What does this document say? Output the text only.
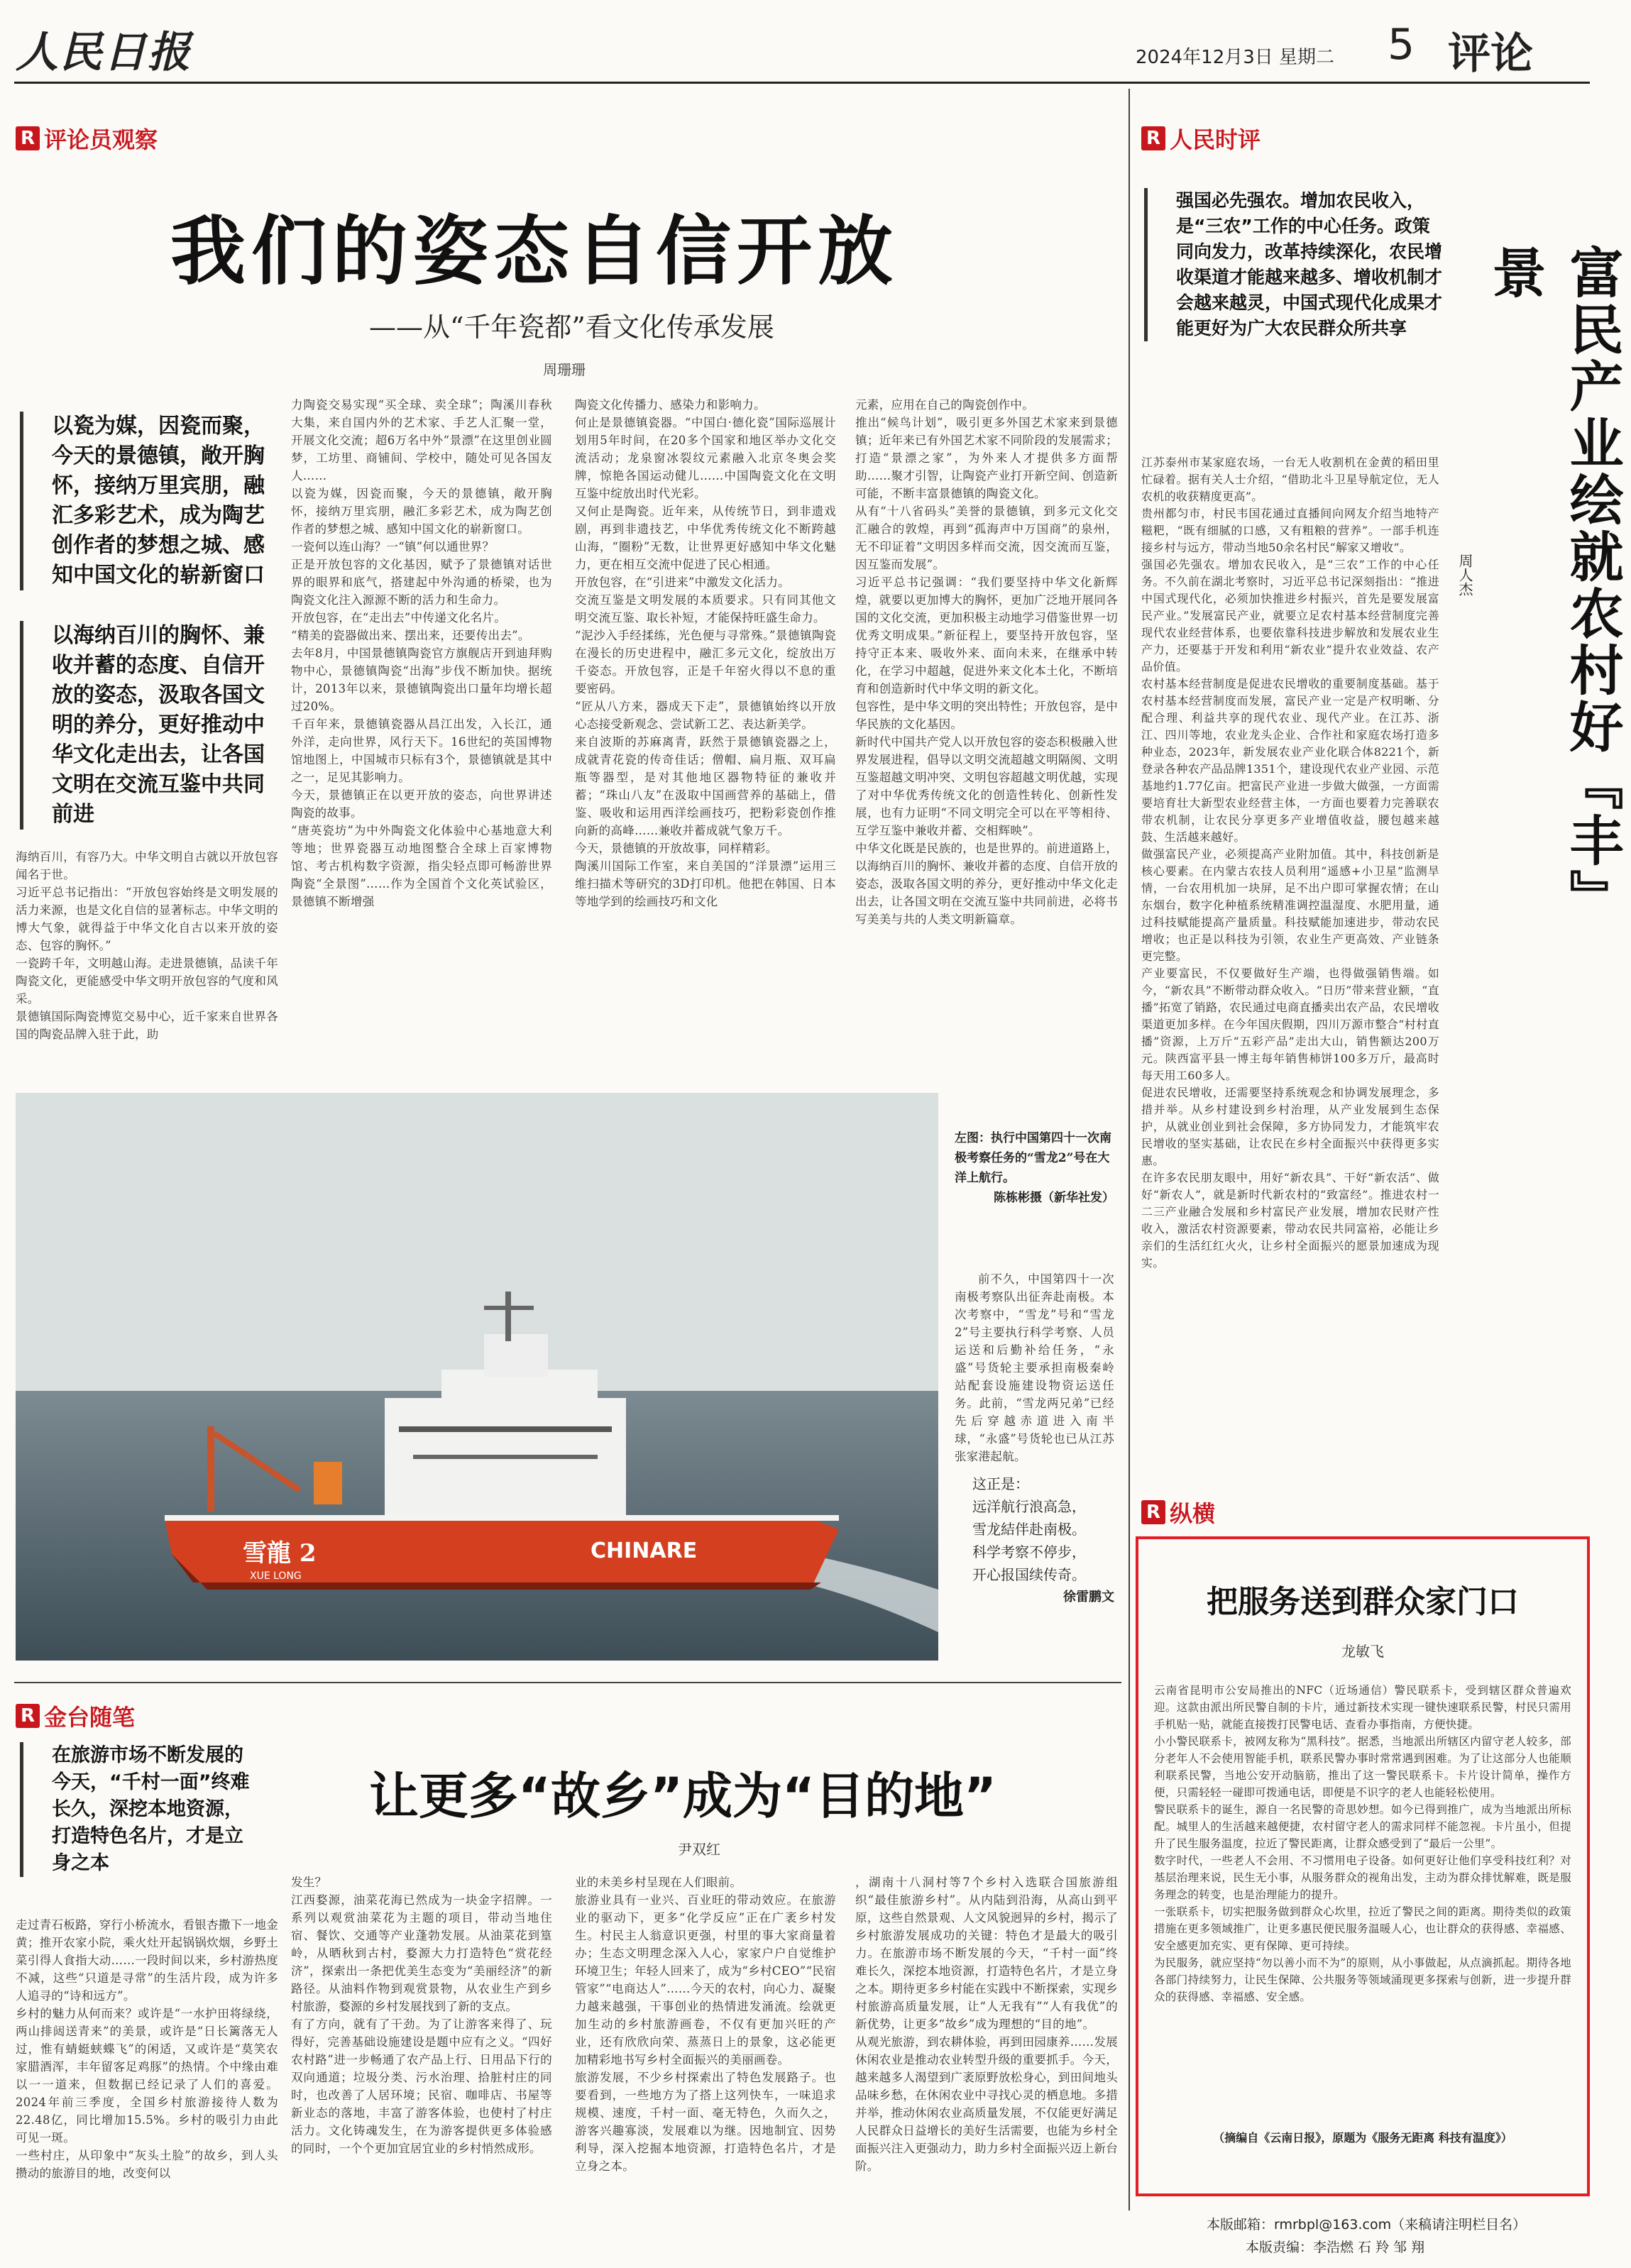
人民日报	2024年12月3日 星期二 5 评论
R 评论员观察
我们的姿态自信开放
——从“千年瓷都”看文化传承发展
周珊珊
以瓷为媒，因瓷而聚，今天的景德镇，敞开胸怀，接纳万里宾朋，融汇多彩艺术，成为陶艺创作者的梦想之城、感知中国文化的崭新窗口
以海纳百川的胸怀、兼收并蓄的态度、自信开放的姿态，汲取各国文明的养分，更好推动中华文化走出去，让各国文明在交流互鉴中共同前进
海纳百川，有容乃大。中华文明自古就以开放包容闻名于世。
习近平总书记指出：“开放包容始终是文明发展的活力来源，也是文化自信的显著标志。中华文明的博大气象，就得益于中华文化自古以来开放的姿态、包容的胸怀。”
一瓷跨千年，文明越山海。走进景德镇，品读千年陶瓷文化，更能感受中华文明开放包容的气度和风采。
景德镇国际陶瓷博览交易中心，近千家来自世界各国的陶瓷品牌入驻于此，助
力陶瓷交易实现“买全球、卖全球”；陶溪川春秋大集，来自国内外的艺术家、手艺人汇聚一堂，开展文化交流；超6万名中外“景漂”在这里创业圆梦，工坊里、商铺间、学校中，随处可见各国友人……
以瓷为媒，因瓷而聚，今天的景德镇，敞开胸怀，接纳万里宾朋，融汇多彩艺术，成为陶艺创作者的梦想之城、感知中国文化的崭新窗口。
一瓷何以连山海？一“镇”何以通世界？
正是开放包容的文化基因，赋予了景德镇对话世界的眼界和底气，搭建起中外沟通的桥梁，也为陶瓷文化注入源源不断的活力和生命力。
开放包容，在“走出去”中传递文化名片。
“精美的瓷器做出来、摆出来，还要传出去”。
去年8月，中国景德镇陶瓷官方旗舰店开到迪拜购物中心，景德镇陶瓷“出海”步伐不断加快。据统计，2013年以来，景德镇陶瓷出口量年均增长超过20%。
千百年来，景德镇瓷器从昌江出发，入长江，通外洋，走向世界，风行天下。16世纪的英国博物馆地图上，中国城市只标有3个，景德镇就是其中之一，足见其影响力。
今天，景德镇正在以更开放的姿态，向世界讲述陶瓷的故事。
“唐英瓷坊”为中外陶瓷文化体验中心基地意大利等地；世界瓷器互动地图整合全球上百家博物馆、考古机构数字资源，指尖轻点即可畅游世界陶瓷“全景图”……作为全国首个文化英试验区，景德镇不断增强
陶瓷文化传播力、感染力和影响力。
何止是景德镇瓷器。“中国白·德化瓷”国际巡展计划用5年时间，在20多个国家和地区举办文化交流活动；龙泉窗冰裂纹元素融入北京冬奥会奖牌，惊艳各国运动健儿……中国陶瓷文化在文明互鉴中绽放出时代光彩。
又何止是陶瓷。近年来，从传统节日，到非遗戏剧，再到非遗技艺，中华优秀传统文化不断跨越山海，“圈粉”无数，让世界更好感知中华文化魅力，更在相互交流中促进了民心相通。
开放包容，在“引进来”中激发文化活力。
交流互鉴是文明发展的本质要求。只有同其他文明交流互鉴、取长补短，才能保持旺盛生命力。
“泥沙入手经揉练，光色便与寻常殊。”景德镇陶瓷在漫长的历史进程中，融汇多元文化，绽放出万千姿态。开放包容，正是千年窑火得以不息的重要密码。
“匠从八方来，器成天下走”，景德镇始终以开放心态接受新观念、尝试新工艺、表达新美学。
来自波斯的苏麻离青，跃然于景德镇瓷器之上，成就青花瓷的传奇佳话；僧帽、扁月瓶、双耳扁瓶等器型，是对其他地区器物特征的兼收并蓄；“珠山八友”在汲取中国画营养的基础上，借鉴、吸收和运用西洋绘画技巧，把粉彩瓷创作推向新的高峰……兼收并蓄成就气象万千。
今天，景德镇的开放故事，同样精彩。
陶溪川国际工作室，来自美国的“洋景漂”运用三维扫描术等研究的3D打印机。他把在韩国、日本等地学到的绘画技巧和文化
元素，应用在自己的陶瓷创作中。
推出“候鸟计划”，吸引更多外国艺术家来到景德镇；近年来已有外国艺术家不同阶段的发展需求；打造“景漂之家”，为外来人才提供多方面帮助……聚才引智，让陶瓷产业打开新空间、创造新可能，不断丰富景德镇的陶瓷文化。
从有“十八省码头”美誉的景德镇，到多元文化交汇融合的敦煌，再到“孤海声中万国商”的泉州，无不印证着“文明因多样而交流，因交流而互鉴，因互鉴而发展”。
习近平总书记强调：“我们要坚持中华文化新辉煌，就要以更加博大的胸怀，更加广泛地开展同各国的文化交流，更加积极主动地学习借鉴世界一切优秀文明成果。”新征程上，要坚持开放包容，坚持守正本来、吸收外来、面向未来，在继承中转化，在学习中超越，促进外来文化本土化，不断培育和创造新时代中华文明的新文化。
包容性，是中华文明的突出特性；开放包容，是中华民族的文化基因。
新时代中国共产党人以开放包容的姿态积极融入世界发展进程，倡导以文明交流超越文明隔阂、文明互鉴超越文明冲突、文明包容超越文明优越，实现了对中华优秀传统文化的创造性转化、创新性发展，也有力证明“不同文明完全可以在平等相待、互学互鉴中兼收并蓄、交相辉映”。
中华文化既是民族的，也是世界的。前进道路上，以海纳百川的胸怀、兼收并蓄的态度、自信开放的姿态，汲取各国文明的养分，更好推动中华文化走出去，让各国文明在交流互鉴中共同前进，必将书写美美与共的人类文明新篇章。
雪龍 2
XUE LONG
CHINARE
左图：执行中国第四十一次南极考察任务的“雪龙2”号在大洋上航行。
陈栋彬摄（新华社发）

前不久，中国第四十一次南极考察队出征奔赴南极。本次考察中，“雪龙”号和“雪龙2”号主要执行科学考察、人员运送和后勤补给任务，“永盛”号货轮主要承担南极秦岭站配套设施建设物资运送任务。此前，“雪龙两兄弟”已经先后穿越赤道进入南半球，“永盛”号货轮也已从江苏张家港起航。

这正是：
远洋航行浪高急，
雪龙結伴赴南极。
科学考察不停步，
开心报国续传奇。
徐雷鹏文
R 金台随笔
在旅游市场不断发展的今天，“千村一面”终难长久，深挖本地资源，打造特色名片，才是立身之本
让更多“故乡”成为“目的地”
尹双红
走过青石板路，穿行小桥流水，看银杏撒下一地金黄；推开农家小院，乘火灶开起锅锅炊烟，乡野土菜引得人食指大动……一段时间以来，乡村游热度不减，这些“只道是寻常”的生活片段，成为许多人追寻的“诗和远方”。
乡村的魅力从何而来？或许是“一水护田将绿绕，两山排闼送青来”的美景，或许是“日长篱落无人过，惟有蜻蜓蛱蝶飞”的闲适，又或许是“莫笑农家腊酒浑，丰年留客足鸡豚”的热情。个中缘由难以一一道来，但数据已经记录了人们的喜爱。2024年前三季度，全国乡村旅游接待人数为22.48亿，同比增加15.5%。乡村的吸引力由此可见一斑。
一些村庄，从印象中“灰头土脸”的故乡，到人头攒动的旅游目的地，改变何以
发生？
江西婺源，油菜花海已然成为一块金字招牌。一系列以观赏油菜花为主题的项目，带动当地住宿、餐饮、交通等产业蓬勃发展。从油菜花到篁岭，从晒秋到古村，婺源大力打造特色“赏花经济”，探索出一条把优美生态变为“美丽经济”的新路径。从油料作物到观赏景物，从农业生产到乡村旅游，婺源的乡村发展找到了新的支点。
有了方向，就有了干劲。为了让游客来得了、玩得好，完善基础设施建设是题中应有之义。“四好农村路”进一步畅通了农产品上行、日用品下行的双向通道；垃圾分类、污水治理、拾脏村庄的同时，也改善了人居环境；民宿、咖啡店、书屋等新业态的落地，丰富了游客体验，也使村了村庄活力。文化铸魂发生，在为游客提供更多体验感的同时，一个个更加宜居宜业的乡村悄然成形。
业的未美乡村呈现在人们眼前。
旅游业具有一业兴、百业旺的带动效应。在旅游业的驱动下，更多“化学反应”正在广袤乡村发生。村民主人翁意识更强，村里的事大家商量着办；生态文明理念深入人心，家家户户自觉维护环境卫生；年轻人回来了，成为“乡村CEO”“民宿管家”“电商达人”……今天的农村，向心力、凝聚力越来越强，干事创业的热情进发涌流。绘就更加生动的乡村旅游画卷，不仅有更加兴旺的产业，还有欣欣向荣、蒸蒸日上的景象，这必能更加精彩地书写乡村全面振兴的美丽画卷。
旅游发展，不少乡村探索出了特色发展路子。也要看到，一些地方为了搭上这列快车，一味追求规模、速度，千村一面、毫无特色，久而久之，游客兴趣寡淡，发展难以为继。因地制宜、因势利导，深入挖掘本地资源，打造特色名片，才是立身之本。
，湖南十八洞村等7个乡村入选联合国旅游组织“最佳旅游乡村”。从内陆到沿海，从高山到平原，这些自然景观、人文风貌迥异的乡村，揭示了乡村旅游发展成功的关键：特色才是最大的吸引力。在旅游市场不断发展的今天，“千村一面”终难长久，深挖本地资源，打造特色名片，才是立身之本。期待更多乡村能在实践中不断探索，实现乡村旅游高质量发展，让“人无我有”“人有我优”的新优势，让更多“故乡”成为理想的“目的地”。
从观光旅游，到农耕体验，再到田园康养……发展休闲农业是推动农业转型升级的重要抓手。今天，越来越多人渴望到广袤原野放松身心，到田间地头品味乡愁，在休闲农业中寻找心灵的栖息地。多措并举，推动休闲农业高质量发展，不仅能更好满足人民群众日益增长的美好生活需要，也能为乡村全面振兴注入更强动力，助力乡村全面振兴迈上新台阶。
R 人民时评
强国必先强农。增加农民收入，是“三农”工作的中心任务。政策同向发力，改革持续深化，农民增收渠道才能越来越多、增收机制才会越来越灵，中国式现代化成果才能更好为广大农民群众所共享	富民产业绘就农村好『丰』景
周人杰
江苏泰州市某家庭农场，一台无人收割机在金黄的稻田里忙碌着。据有关人士介绍，“借助北斗卫星导航定位，无人农机的收获精度更高”。
贵州都匀市，村民韦国花通过直播间向网友介绍当地特产糍粑，“既有细腻的口感，又有粗粮的营养”。一部手机连接乡村与远方，带动当地50余名村民“解家又增收”。
强国必先强农。增加农民收入，是“三农”工作的中心任务。不久前在湖北考察时，习近平总书记深刻指出：“推进中国式现代化，必须加快推进乡村振兴，首先是要发展富民产业。”发展富民产业，就要立足农村基本经营制度完善现代农业经营体系，也要依靠科技进步解放和发展农业生产力，还要基于开发和利用“新农业”提升农业效益、农产品价值。
农村基本经营制度是促进农民增收的重要制度基础。基于农村基本经营制度而发展，富民产业一定是产权明晰、分配合理、利益共享的现代农业、现代产业。在江苏、浙江、四川等地，农业龙头企业、合作社和家庭农场打造多种业态，2023年，新发展农业产业化联合体8221个，新登录各种农产品品牌1351个，建设现代农业产业园、示范基地约1.77亿亩。把富民产业进一步做大做强，一方面需要培育壮大新型农业经营主体，一方面也要着力完善联农带农机制，让农民分享更多产业增值收益，腰包越来越鼓、生活越来越好。
做强富民产业，必须提高产业附加值。其中，科技创新是核心要素。在内蒙古农技人员利用“遥感+小卫星”监测旱情，一台农用机加一块屏，足不出户即可掌握农情；在山东烟台，数字化种植系统精准调控温湿度、水肥用量，通过科技赋能提高产量质量。科技赋能加速进步，带动农民增收；也正是以科技为引领，农业生产更高效、产业链条更完整。
产业要富民，不仅要做好生产端，也得做强销售端。如今，“新农具”不断带动群众收入。“日历”带来营业额，“直播”拓宽了销路，农民通过电商直播卖出农产品，农民增收渠道更加多样。在今年国庆假期，四川万源市整合“村村直播”资源，上万斤“五彩产品”走出大山，销售额达200万元。陕西富平县一博主每年销售柿饼100多万斤，最高时每天用工60多人。
促进农民增收，还需要坚持系统观念和协调发展理念，多措并举。从乡村建设到乡村治理，从产业发展到生态保护，从就业创业到社会保障，多方协同发力，才能筑牢农民增收的坚实基础，让农民在乡村全面振兴中获得更多实惠。
在许多农民朋友眼中，用好“新农具”、干好“新农活”、做好“新农人”，就是新时代新农村的“致富经”。推进农村一二三产业融合发展和乡村富民产业发展，增加农民财产性收入，激活农村资源要素，带动农民共同富裕，必能让乡亲们的生活红红火火，让乡村全面振兴的愿景加速成为现实。
R 纵横
把服务送到群众家门口
龙敏飞
云南省昆明市公安局推出的NFC（近场通信）警民联系卡，受到辖区群众普遍欢迎。这款由派出所民警自制的卡片，通过新技术实现一键快速联系民警，村民只需用手机贴一贴，就能直接拨打民警电话、查看办事指南，方便快捷。
小小警民联系卡，被网友称为“黑科技”。据悉，当地派出所辖区内留守老人较多，部分老年人不会使用智能手机，联系民警办事时常常遇到困难。为了让这部分人也能顺利联系民警，当地公安开动脑筋，推出了这一警民联系卡。卡片设计简单，操作方便，只需轻轻一碰即可拨通电话，即便是不识字的老人也能轻松使用。
警民联系卡的诞生，源自一名民警的奇思妙想。如今已得到推广，成为当地派出所标配。城里人的生活越来越便捷，农村留守老人的需求同样不能忽视。卡片虽小，但提升了民生服务温度，拉近了警民距离，让群众感受到了“最后一公里”。
数字时代，一些老人不会用、不习惯用电子设备。如何更好让他们享受科技红利？对基层治理来说，民生无小事，从服务群众的视角出发，主动为群众排忧解难，既是服务理念的转变，也是治理能力的提升。
一张联系卡，切实把服务做到群众心坎里，拉近了警民之间的距离。期待类似的政策措施在更多领域推广，让更多惠民便民服务温暖人心，也让群众的获得感、幸福感、安全感更加充实、更有保障、更可持续。
为民服务，就应坚持“勿以善小而不为”的原则，从小事做起，从点滴抓起。期待各地各部门持续努力，让民生保障、公共服务等领域涌现更多探索与创新，进一步提升群众的获得感、幸福感、安全感。
（摘编自《云南日报》，原题为《服务无距离 科技有温度》）
本版邮箱：rmrbpl@163.com（来稿请注明栏目名）
本版责编：李浩燃 石 羚 邹 翔
